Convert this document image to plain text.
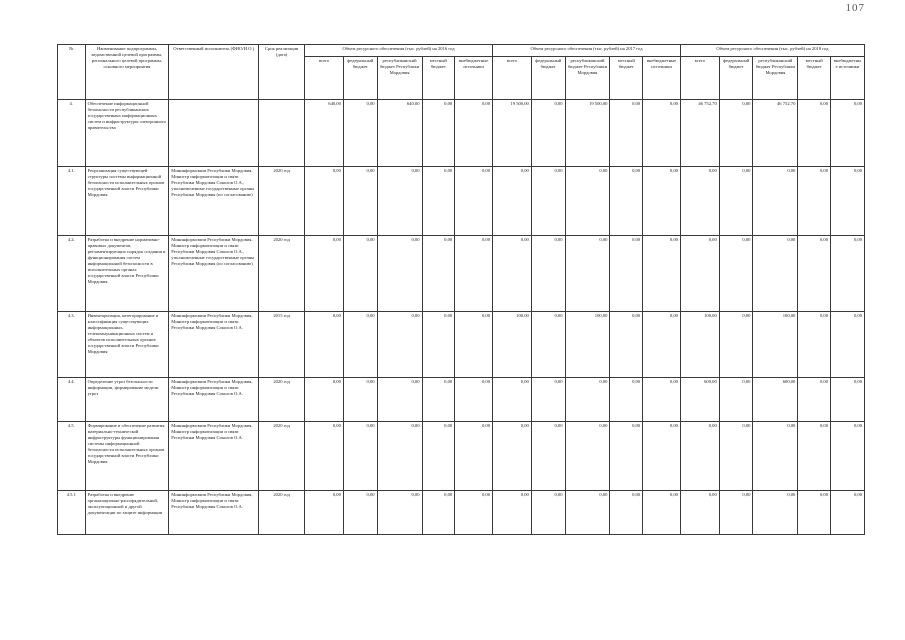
107
№	Наименование подпрограммы, ведомственной целевой программы, регионального целевой программы, основного мероприятия	Ответственный исполнитель (ФИО/И.О.)	Срок реализации (дата)	Объем ресурсного обеспечения (тыс. рублей) на 2016 год					Объем ресурсного обеспечения (тыс. рублей) на 2017 год					Объем ресурсного обеспечения (тыс. рублей) на 2018 год				
				всего	федеральный бюджет	республиканский бюджет Республики Мордовия	местный бюджет	внебюджетные источники	всего	федеральный бюджет	республиканский бюджет Республики Мордовия	местный бюджет	внебюджетные источники	всего	федеральный бюджет	республиканский бюджет Республики Мордовия	местный бюджет	внебюджетные источники
4.	Обеспечение информационной безопасности республиканских государственных информационных систем и инфраструктуры электронного правительства			640,00	0,00	640,00	0,00	0,00	19 500,00	0,00	19 500,00	0,00	0,00	46 752,70	0,00	46 752,70	0,00	0,00
4.1.	Реорганизация существующей структуры системы информационной безопасности исполнительных органов государственной власти Республики Мордовия	Мининформсвязи Республики Мордовия, Министр информатизации и связи Республики Мордовия Соколов О.А., уполномоченные государственные органы Республики Мордовия (по согласованию)	2020 год	0,00	0,00	0,00	0,00	0,00	0,00	0,00	0,00	0,00	0,00	0,00	0,00	0,00	0,00	0,00
4.2.	Разработка и внедрение нормативно-правовых документов, регламентирующих порядок создания и функционирования систем информационной безопасности в исполнительных органах государственной власти Республики Мордовия	Мининформсвязи Республики Мордовия, Министр информатизации и связи Республики Мордовия Соколов О.А., уполномоченные государственные органы Республики Мордовия (по согласованию)	2020 год	0,00	0,00	0,00	0,00	0,00	0,00	0,00	0,00	0,00	0,00	0,00	0,00	0,00	0,00	0,00
4.3.	Инвентаризация, категорирование и классификация существующих информационных, телекоммуникационных систем и объектов исполнительных органов государственной власти Республики Мордовия	Мининформсвязи Республики Мордовия, Министр информатизации и связи Республики Мордовия Соколов О.А.	2015 год	0,00	0,00	0,00	0,00	0,00	100,00	0,00	100,00	0,00	0,00	100,00	0,00	100,00	0,00	0,00
4.4.	Определение угроз безопасности информации, формирование модели угроз	Мининформсвязи Республики Мордовия, Министр информатизации и связи Республики Мордовия Соколов О.А.	2020 год	0,00	0,00	0,00	0,00	0,00	0,00	0,00	0,00	0,00	0,00	600,00	0,00	600,00	0,00	0,00
4.5.	Формирование и обеспечение развития материально-технической инфраструктуры функционирования системы информационной безопасности исполнительных органов государственной власти Республики Мордовия	Мининформсвязи Республики Мордовия, Министр информатизации и связи Республики Мордовия Соколов О.А.	2020 год	0,00	0,00	0,00	0,00	0,00	0,00	0,00	0,00	0,00	0,00	0,00	0,00	0,00	0,00	0,00
4.5.1	Разработка и внедрение организационно-распорядительной, эксплуатационной и другой документации по защите информации	Мининформсвязи Республики Мордовия, Министр информатизации и связи Республики Мордовия Соколов О.А.	2020 год	0,00	0,00	0,00	0,00	0,00	0,00	0,00	0,00	0,00	0,00	0,00	0,00	0,00	0,00	0,00
